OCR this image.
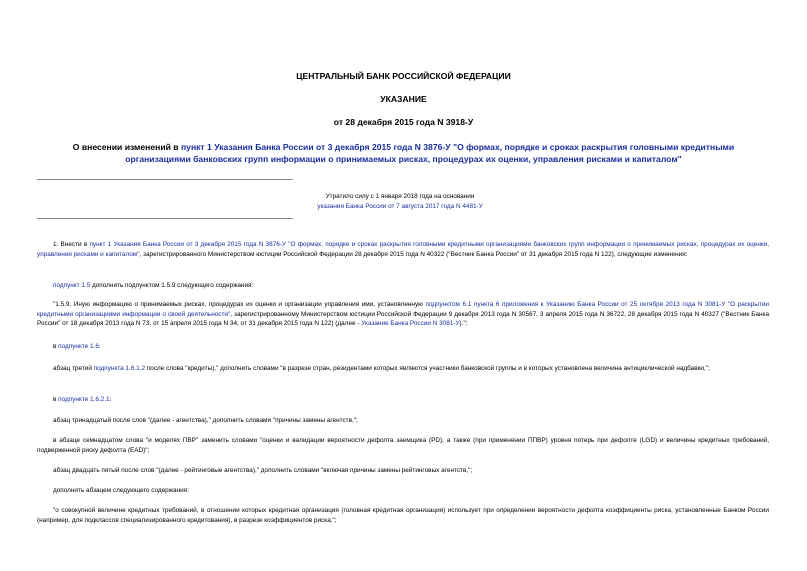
ЦЕНТРАЛЬНЫЙ БАНК РОССИЙСКОЙ ФЕДЕРАЦИИ
УКАЗАНИЕ
от 28 декабря 2015 года N 3918-У
О внесении изменений в пункт 1 Указания Банка России от 3 декабря 2015 года N 3876-У "О формах, порядке и сроках раскрытия головными кредитными организациями банковских групп информации о принимаемых рисках, процедурах их оценки, управления рисками и капиталом"
Утратило силу с 1 января 2018 года на основании
указания Банка России от 7 августа 2017 года N 4481-У
1. Внести в пункт 1 Указания Банка России от 3 декабря 2015 года N 3876-У "О формах, порядке и сроках раскрытия головными кредитными организациями банковских групп информации о принимаемых рисках, процедурах их оценки, управления рисками и капиталом", зарегистрированного Министерством юстиции Российской Федерации 28 декабря 2015 года N 40322 ("Вестник Банка России" от 31 декабря 2015 года N 122), следующие изменения:
подпункт 1.5 дополнить подпунктом 1.5.9 следующего содержания:
"1.5.9. Иную информацию о принимаемых рисках, процедурах их оценки и организации управления ими, установленную подпунктом 6.1 пункта 6 приложения к Указанию Банка России от 25 октября 2013 года N 3081-У "О раскрытии кредитными организациями информации о своей деятельности", зарегистрированному Министерством юстиции Российской Федерации 9 декабря 2013 года N 30567, 3 апреля 2015 года N 36722, 28 декабря 2015 года N 40327 ("Вестник Банка России" от 18 декабря 2013 года N 73, от 15 апреля 2015 года N 34, от 31 декабря 2015 года N 122) (далее - Указание Банка России N 3081-У).";
в подпункте 1.6:
абзац третий подпункта 1.6.1.2 после слова "кредиты)," дополнить словами "в разрезе стран, резидентами которых являются участники банковской группы и в которых установлена величина антициклической надбавки,";
в подпункте 1.6.2.1:
абзац тринадцатый после слов "(далее - агентства)," дополнить словами "причины замены агентств,";
в абзаце семнадцатом слова "и моделях ПВР" заменить словами "оценки и валидации вероятности дефолта заемщика (PD), а также (при применении ППВР) уровня потерь при дефолте (LGD) и величины кредитных требований, подверженной риску дефолта (EAD)";
абзац двадцать пятый после слов "(далее - рейтинговые агентства)," дополнить словами "включая причины замены рейтинговых агентств,";
дополнить абзацем следующего содержания:
"о совокупной величине кредитных требований, в отношении которых кредитная организация (головная кредитная организация) использует при определении вероятности дефолта коэффициенты риска, установленные Банком России (например, для подклассов специализированного кредитования), в разрезе коэффициентов риска.";
